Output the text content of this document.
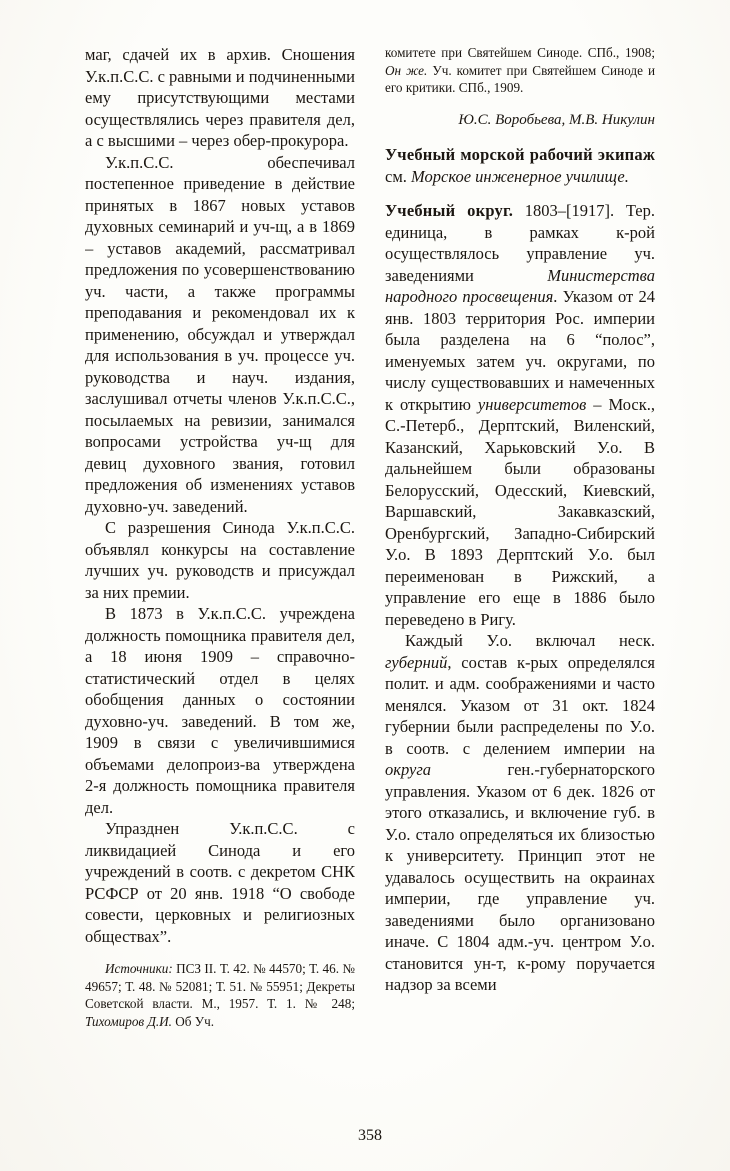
маг, сдачей их в архив. Сношения У.к.п.С.С. с равными и подчиненными ему присутствующими местами осуществлялись через правителя дел, а с высшими – через обер-прокурора.

У.к.п.С.С. обеспечивал постепенное приведение в действие принятых в 1867 новых уставов духовных семинарий и уч-щ, а в 1869 – уставов академий, рассматривал предложения по усовершенствованию уч. части, а также программы преподавания и рекомендовал их к применению, обсуждал и утверждал для использования в уч. процессе уч. руководства и науч. издания, заслушивал отчеты членов У.к.п.С.С., посылаемых на ревизии, занимался вопросами устройства уч-щ для девиц духовного звания, готовил предложения об изменениях уставов духовно-уч. заведений.

С разрешения Синода У.к.п.С.С. объявлял конкурсы на составление лучших уч. руководств и присуждал за них премии.

В 1873 в У.к.п.С.С. учреждена должность помощника правителя дел, а 18 июня 1909 – справочно-статистический отдел в целях обобщения данных о состоянии духовно-уч. заведений. В том же, 1909 в связи с увеличившимися объемами делопроиз-ва утверждена 2-я должность помощника правителя дел.

Упразднен У.к.п.С.С. с ликвидацией Синода и его учреждений в соотв. с декретом СНК РСФСР от 20 янв. 1918 “О свободе совести, церковных и религиозных обществах”.

Источники: ПСЗ II. Т. 42. № 44570; Т. 46. № 49657; Т. 48. № 52081; Т. 51. № 55951; Декреты Советской власти. М., 1957. Т. 1. № 248; Тихомиров Д.И. Об Уч.

комитете при Святейшем Синоде. СПб., 1908; Он же. Уч. комитет при Святейшем Синоде и его критики. СПб., 1909.

Ю.С. Воробьева, М.В. Никулин

Учебный морской рабочий экипаж см. Морское инженерное училище.

Учебный округ. 1803–[1917]. Тер. единица, в рамках к-рой осуществлялось управление уч. заведениями Министерства народного просвещения. Указом от 24 янв. 1803 территория Рос. империи была разделена на 6 “полос”, именуемых затем уч. округами, по числу существовавших и намеченных к открытию университетов – Моск., С.-Петерб., Дерптский, Виленский, Казанский, Харьковский У.о. В дальнейшем были образованы Белорусский, Одесский, Киевский, Варшавский, Закавказский, Оренбургский, Западно-Сибирский У.о. В 1893 Дерптский У.о. был переименован в Рижский, а управление его еще в 1886 было переведено в Ригу.

Каждый У.о. включал неск. губерний, состав к-рых определялся полит. и адм. соображениями и часто менялся. Указом от 31 окт. 1824 губернии были распределены по У.о. в соотв. с делением империи на округа ген.-губернаторского управления. Указом от 6 дек. 1826 от этого отказались, и включение губ. в У.о. стало определяться их близостью к университету. Принцип этот не удавалось осуществить на окраинах империи, где управление уч. заведениями было организовано иначе. С 1804 адм.-уч. центром У.о. становится ун-т, к-рому поручается надзор за всеми

358
